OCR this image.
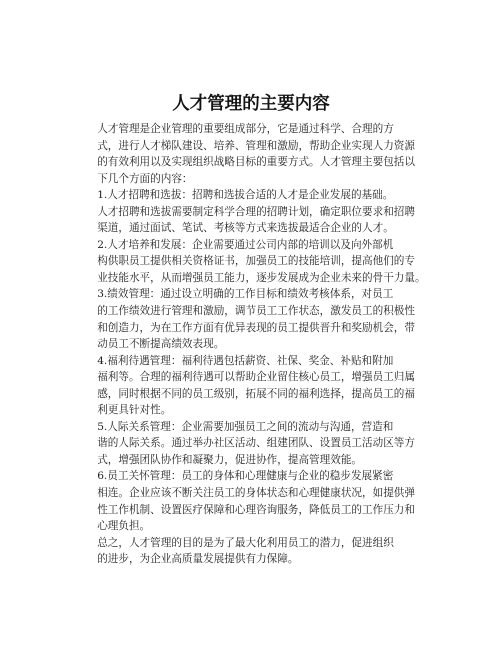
人才管理的主要内容

人才管理是企业管理的重要组成部分，它是通过科学、合理的方
式，进行人才梯队建设、培养、管理和激励，帮助企业实现人力资源
的有效利用以及实现组织战略目标的重要方式。人才管理主要包括以
下几个方面的内容：

1.人才招聘和选拔：招聘和选拔合适的人才是企业发展的基础。
人才招聘和选拔需要制定科学合理的招聘计划，确定职位要求和招聘
渠道，通过面试、笔试、考核等方式来选拔最适合企业的人才。

2.人才培养和发展：企业需要通过公司内部的培训以及向外部机
构供职员工提供相关资格证书，加强员工的技能培训，提高他们的专
业技能水平，从而增强员工能力，逐步发展成为企业未来的骨干力量。

3.绩效管理：通过设立明确的工作目标和绩效考核体系，对员工
的工作绩效进行管理和激励，调节员工工作状态，激发员工的积极性
和创造力，为在工作方面有优异表现的员工提供晋升和奖励机会，带
动员工不断提高绩效表现。

4.福利待遇管理：福利待遇包括薪资、社保、奖金、补贴和附加
福利等。合理的福利待遇可以帮助企业留住核心员工，增强员工归属
感，同时根据不同的员工级别，拓展不同的福利选择，提高员工的福
利更具针对性。

5.人际关系管理：企业需要加强员工之间的流动与沟通，营造和
谐的人际关系。通过举办社区活动、组建团队、设置员工活动区等方
式，增强团队协作和凝聚力，促进协作，提高管理效能。

6.员工关怀管理：员工的身体和心理健康与企业的稳步发展紧密
相连。企业应该不断关注员工的身体状态和心理健康状况，如提供弹
性工作机制、设置医疗保障和心理咨询服务，降低员工的工作压力和
心理负担。

总之，人才管理的目的是为了最大化利用员工的潜力，促进组织
的进步，为企业高质量发展提供有力保障。
